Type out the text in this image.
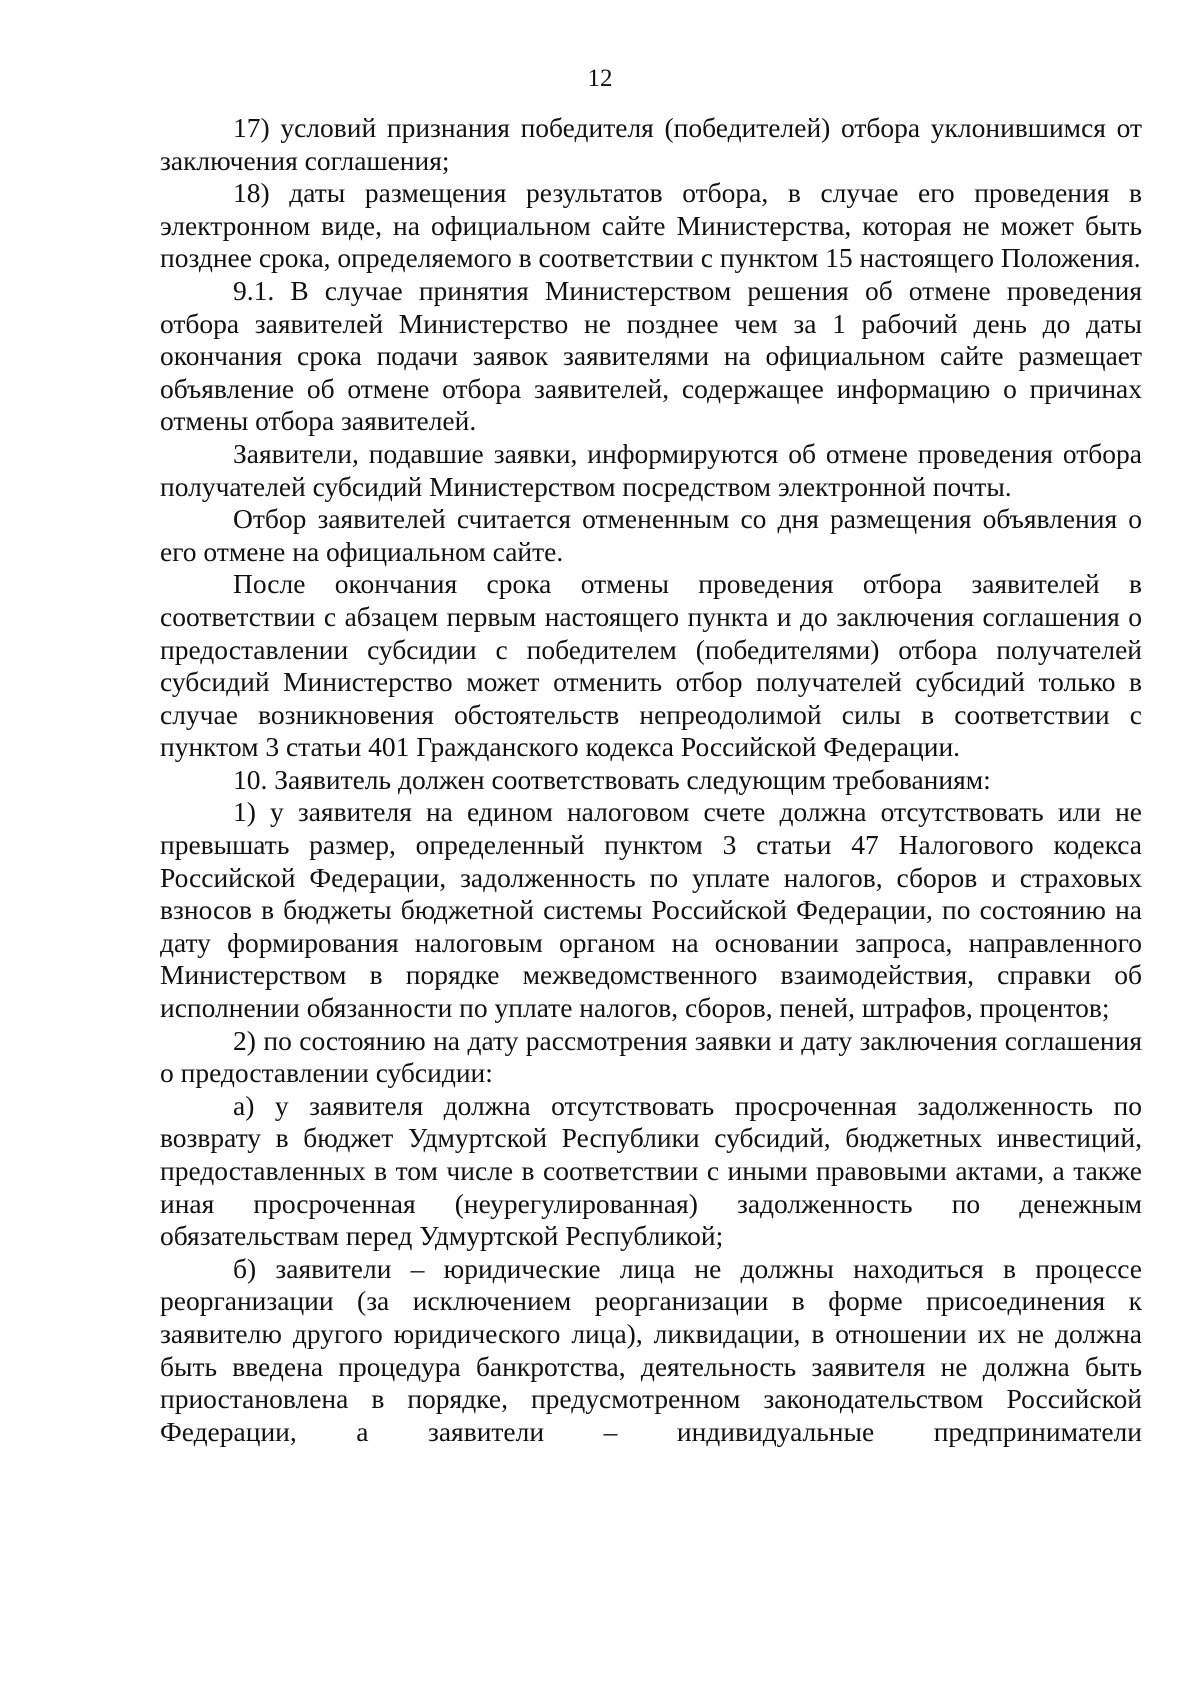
12

17) условий признания победителя (победителей) отбора уклонившимся от заключения соглашения;

18) даты размещения результатов отбора, в случае его проведения в электронном виде, на официальном сайте Министерства, которая не может быть позднее срока, определяемого в соответствии с пунктом 15 настоящего Положения.

9.1. В случае принятия Министерством решения об отмене проведения отбора заявителей Министерство не позднее чем за 1 рабочий день до даты окончания срока подачи заявок заявителями на официальном сайте размещает объявление об отмене отбора заявителей, содержащее информацию о причинах отмены отбора заявителей.

Заявители, подавшие заявки, информируются об отмене проведения отбора получателей субсидий Министерством посредством электронной почты.

Отбор заявителей считается отмененным со дня размещения объявления о его отмене на официальном сайте.

После окончания срока отмены проведения отбора заявителей в соответствии с абзацем первым настоящего пункта и до заключения соглашения о предоставлении субсидии с победителем (победителями) отбора получателей субсидий Министерство может отменить отбор получателей субсидий только в случае возникновения обстоятельств непреодолимой силы в соответствии с пунктом 3 статьи 401 Гражданского кодекса Российской Федерации.

10. Заявитель должен соответствовать следующим требованиям:

1) у заявителя на едином налоговом счете должна отсутствовать или не превышать размер, определенный пунктом 3 статьи 47 Налогового кодекса Российской Федерации, задолженность по уплате налогов, сборов и страховых взносов в бюджеты бюджетной системы Российской Федерации, по состоянию на дату формирования налоговым органом на основании запроса, направленного Министерством в порядке межведомственного взаимодействия, справки об исполнении обязанности по уплате налогов, сборов, пеней, штрафов, процентов;

2) по состоянию на дату рассмотрения заявки и дату заключения соглашения о предоставлении субсидии:

а) у заявителя должна отсутствовать просроченная задолженность по возврату в бюджет Удмуртской Республики субсидий, бюджетных инвестиций, предоставленных в том числе в соответствии с иными правовыми актами, а также иная просроченная (неурегулированная) задолженность по денежным обязательствам перед Удмуртской Республикой;

б) заявители – юридические лица не должны находиться в процессе реорганизации (за исключением реорганизации в форме присоединения к заявителю другого юридического лица), ликвидации, в отношении их не должна быть введена процедура банкротства, деятельность заявителя не должна быть приостановлена в порядке, предусмотренном законодательством Российской Федерации, а заявители – индивидуальные предприниматели
